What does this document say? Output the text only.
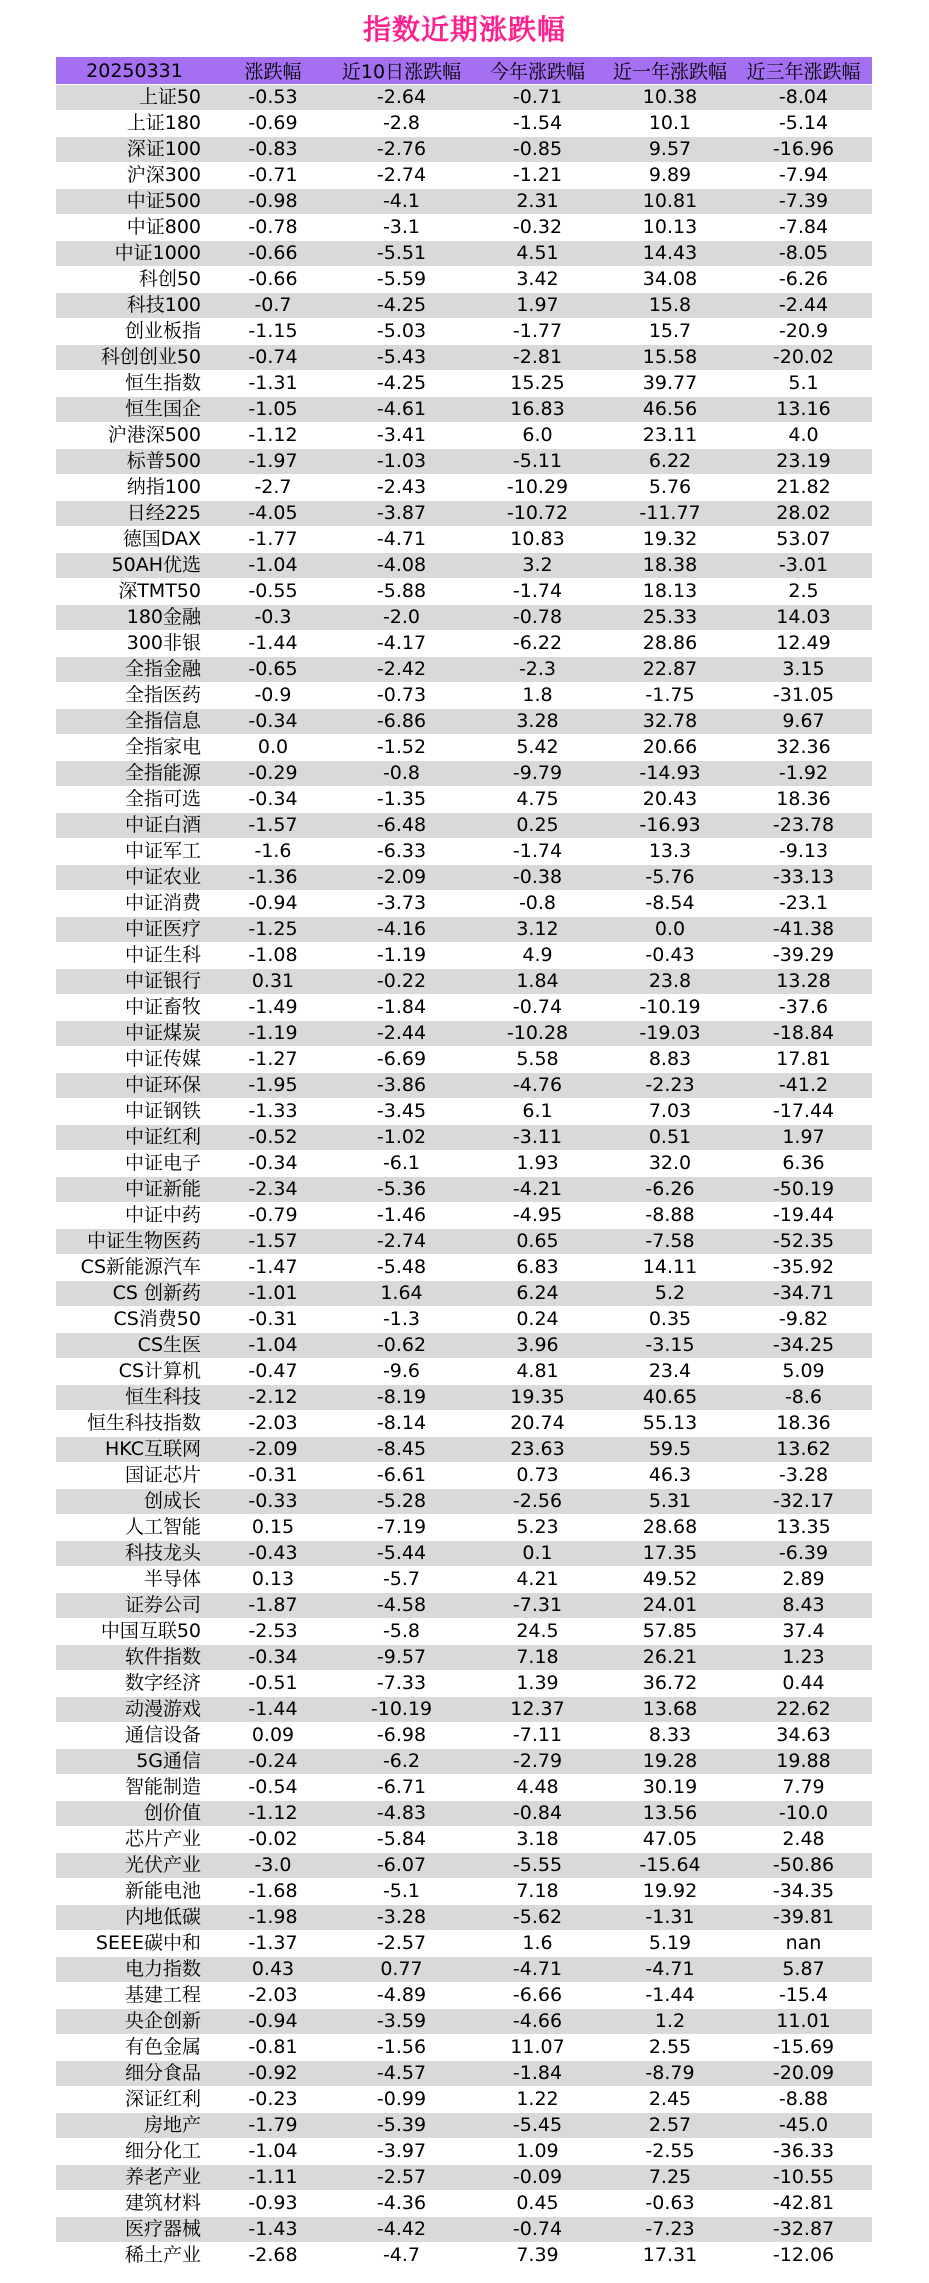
指数近期涨跌幅
20250331	涨跌幅	近10日涨跌幅	今年涨跌幅	近一年涨跌幅	近三年涨跌幅
上证50	-0.53	-2.64	-0.71	10.38	-8.04
上证180	-0.69	-2.8	-1.54	10.1	-5.14
深证100	-0.83	-2.76	-0.85	9.57	-16.96
沪深300	-0.71	-2.74	-1.21	9.89	-7.94
中证500	-0.98	-4.1	2.31	10.81	-7.39
中证800	-0.78	-3.1	-0.32	10.13	-7.84
中证1000	-0.66	-5.51	4.51	14.43	-8.05
科创50	-0.66	-5.59	3.42	34.08	-6.26
科技100	-0.7	-4.25	1.97	15.8	-2.44
创业板指	-1.15	-5.03	-1.77	15.7	-20.9
科创创业50	-0.74	-5.43	-2.81	15.58	-20.02
恒生指数	-1.31	-4.25	15.25	39.77	5.1
恒生国企	-1.05	-4.61	16.83	46.56	13.16
沪港深500	-1.12	-3.41	6.0	23.11	4.0
标普500	-1.97	-1.03	-5.11	6.22	23.19
纳指100	-2.7	-2.43	-10.29	5.76	21.82
日经225	-4.05	-3.87	-10.72	-11.77	28.02
德国DAX	-1.77	-4.71	10.83	19.32	53.07
50AH优选	-1.04	-4.08	3.2	18.38	-3.01
深TMT50	-0.55	-5.88	-1.74	18.13	2.5
180金融	-0.3	-2.0	-0.78	25.33	14.03
300非银	-1.44	-4.17	-6.22	28.86	12.49
全指金融	-0.65	-2.42	-2.3	22.87	3.15
全指医药	-0.9	-0.73	1.8	-1.75	-31.05
全指信息	-0.34	-6.86	3.28	32.78	9.67
全指家电	0.0	-1.52	5.42	20.66	32.36
全指能源	-0.29	-0.8	-9.79	-14.93	-1.92
全指可选	-0.34	-1.35	4.75	20.43	18.36
中证白酒	-1.57	-6.48	0.25	-16.93	-23.78
中证军工	-1.6	-6.33	-1.74	13.3	-9.13
中证农业	-1.36	-2.09	-0.38	-5.76	-33.13
中证消费	-0.94	-3.73	-0.8	-8.54	-23.1
中证医疗	-1.25	-4.16	3.12	0.0	-41.38
中证生科	-1.08	-1.19	4.9	-0.43	-39.29
中证银行	0.31	-0.22	1.84	23.8	13.28
中证畜牧	-1.49	-1.84	-0.74	-10.19	-37.6
中证煤炭	-1.19	-2.44	-10.28	-19.03	-18.84
中证传媒	-1.27	-6.69	5.58	8.83	17.81
中证环保	-1.95	-3.86	-4.76	-2.23	-41.2
中证钢铁	-1.33	-3.45	6.1	7.03	-17.44
中证红利	-0.52	-1.02	-3.11	0.51	1.97
中证电子	-0.34	-6.1	1.93	32.0	6.36
中证新能	-2.34	-5.36	-4.21	-6.26	-50.19
中证中药	-0.79	-1.46	-4.95	-8.88	-19.44
中证生物医药	-1.57	-2.74	0.65	-7.58	-52.35
CS新能源汽车	-1.47	-5.48	6.83	14.11	-35.92
CS 创新药	-1.01	1.64	6.24	5.2	-34.71
CS消费50	-0.31	-1.3	0.24	0.35	-9.82
CS生医	-1.04	-0.62	3.96	-3.15	-34.25
CS计算机	-0.47	-9.6	4.81	23.4	5.09
恒生科技	-2.12	-8.19	19.35	40.65	-8.6
恒生科技指数	-2.03	-8.14	20.74	55.13	18.36
HKC互联网	-2.09	-8.45	23.63	59.5	13.62
国证芯片	-0.31	-6.61	0.73	46.3	-3.28
创成长	-0.33	-5.28	-2.56	5.31	-32.17
人工智能	0.15	-7.19	5.23	28.68	13.35
科技龙头	-0.43	-5.44	0.1	17.35	-6.39
半导体	0.13	-5.7	4.21	49.52	2.89
证券公司	-1.87	-4.58	-7.31	24.01	8.43
中国互联50	-2.53	-5.8	24.5	57.85	37.4
软件指数	-0.34	-9.57	7.18	26.21	1.23
数字经济	-0.51	-7.33	1.39	36.72	0.44
动漫游戏	-1.44	-10.19	12.37	13.68	22.62
通信设备	0.09	-6.98	-7.11	8.33	34.63
5G通信	-0.24	-6.2	-2.79	19.28	19.88
智能制造	-0.54	-6.71	4.48	30.19	7.79
创价值	-1.12	-4.83	-0.84	13.56	-10.0
芯片产业	-0.02	-5.84	3.18	47.05	2.48
光伏产业	-3.0	-6.07	-5.55	-15.64	-50.86
新能电池	-1.68	-5.1	7.18	19.92	-34.35
内地低碳	-1.98	-3.28	-5.62	-1.31	-39.81
SEEE碳中和	-1.37	-2.57	1.6	5.19	nan
电力指数	0.43	0.77	-4.71	-4.71	5.87
基建工程	-2.03	-4.89	-6.66	-1.44	-15.4
央企创新	-0.94	-3.59	-4.66	1.2	11.01
有色金属	-0.81	-1.56	11.07	2.55	-15.69
细分食品	-0.92	-4.57	-1.84	-8.79	-20.09
深证红利	-0.23	-0.99	1.22	2.45	-8.88
房地产	-1.79	-5.39	-5.45	2.57	-45.0
细分化工	-1.04	-3.97	1.09	-2.55	-36.33
养老产业	-1.11	-2.57	-0.09	7.25	-10.55
建筑材料	-0.93	-4.36	0.45	-0.63	-42.81
医疗器械	-1.43	-4.42	-0.74	-7.23	-32.87
稀土产业	-2.68	-4.7	7.39	17.31	-12.06
